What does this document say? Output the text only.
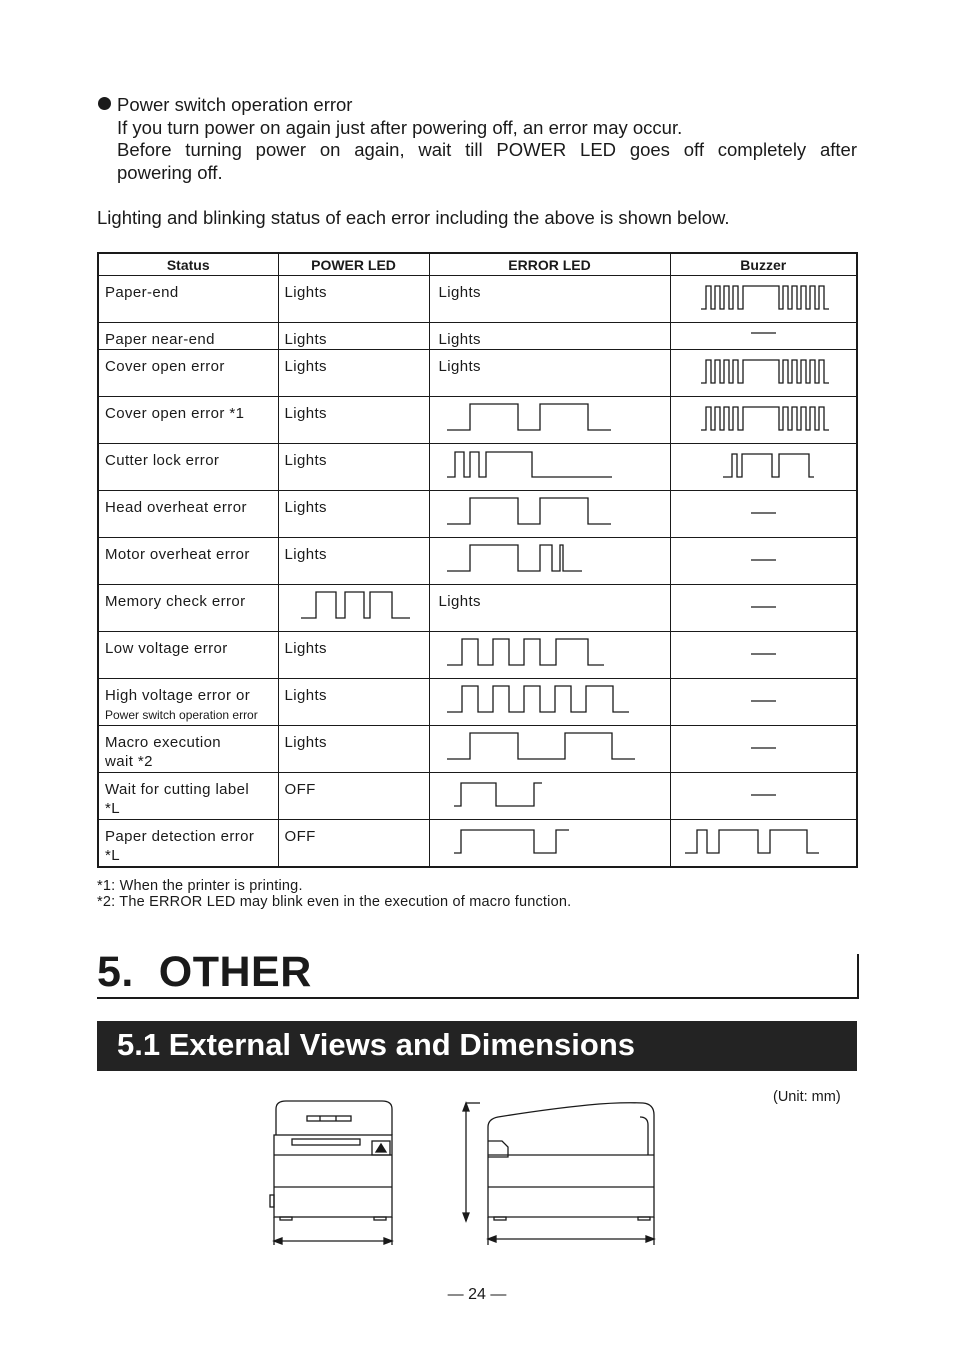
Power switch operation error
If you turn power on again just after powering off, an error may occur.
Before turning power on again, wait till POWER LED goes off completely after
powering off.
Lighting and blinking status of each error including the above is shown below.
Status	POWER LED	ERROR LED	Buzzer

Paper-end	Lights	Lights

Paper near-end	Lights	Lights

Cover open error	Lights	Lights

Cover open error *1	Lights

Cutter lock error	Lights

Head overheat error	Lights

Motor overheat error	Lights

Memory check error		Lights

Low voltage error	Lights

High voltage error or
Power switch operation error	Lights

Macro execution
wait *2	Lights

Wait for cutting label
*L	OFF

Paper detection error
*L	OFF

*1: When the printer is printing.
*2: The ERROR LED may blink even in the execution of macro function.
5. OTHER
5.1 External Views and Dimensions
(Unit: mm)
— 24 —
